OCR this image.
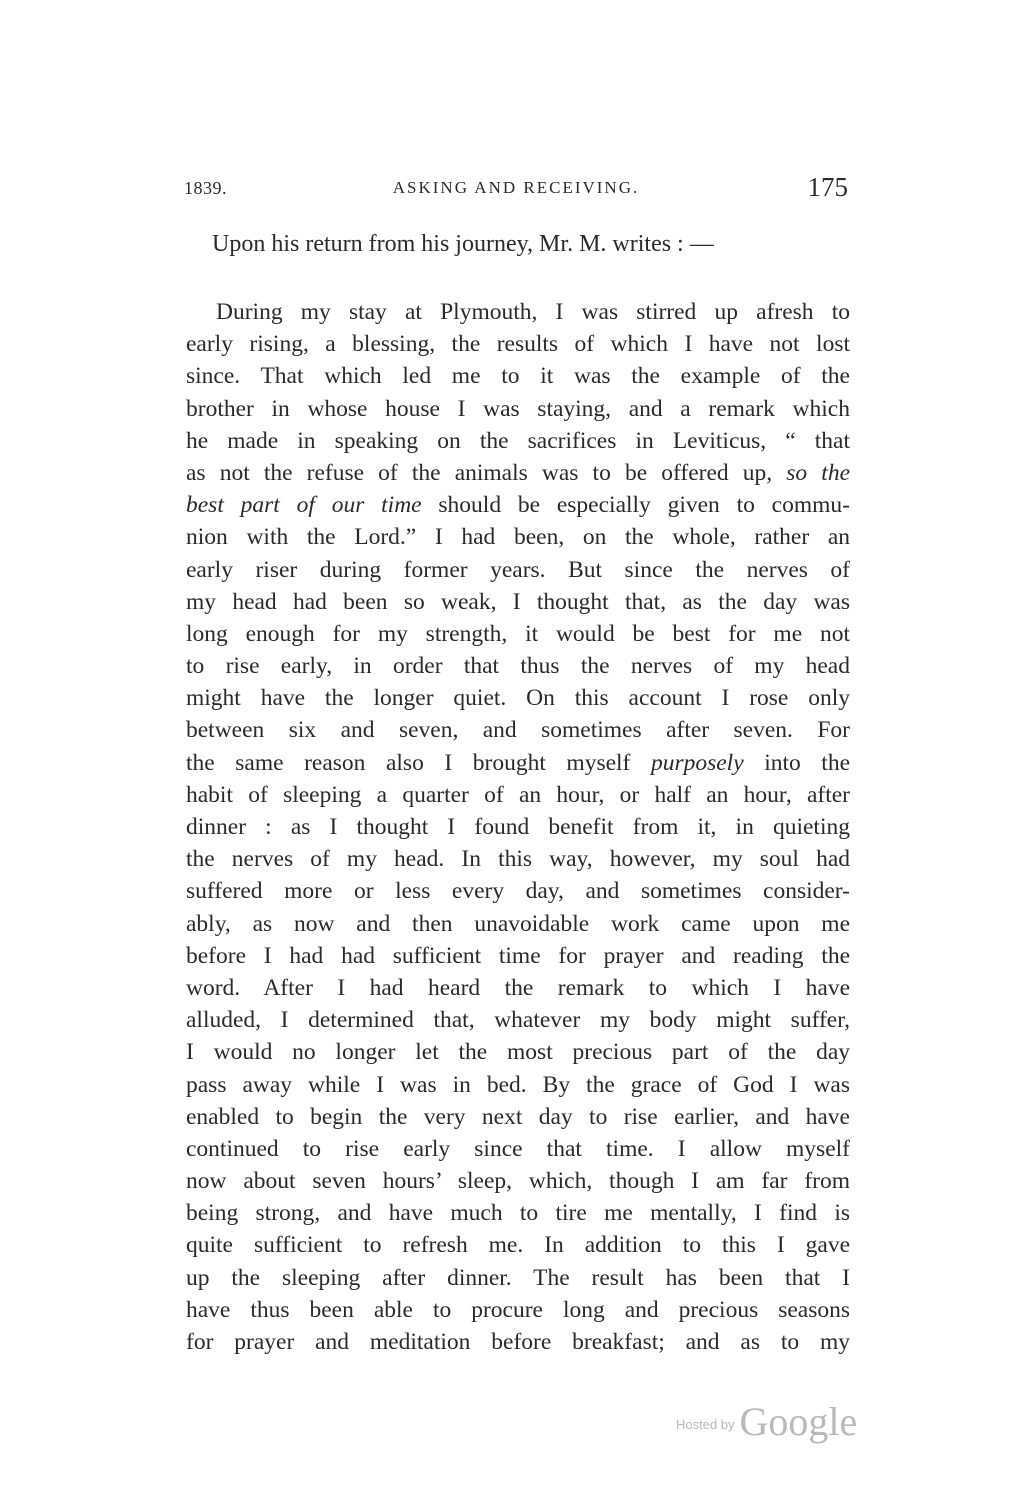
1839.	ASKING AND RECEIVING.	175
Upon his return from his journey, Mr. M. writes : —
During my stay at Plymouth, I was stirred up afresh to
early rising, a blessing, the results of which I have not lost
since. That which led me to it was the example of the
brother in whose house I was staying, and a remark which
he made in speaking on the sacrifices in Leviticus, “ that
as not the refuse of the animals was to be offered up, so the
best part of our time should be especially given to commu-
nion with the Lord.” I had been, on the whole, rather an
early riser during former years. But since the nerves of
my head had been so weak, I thought that, as the day was
long enough for my strength, it would be best for me not
to rise early, in order that thus the nerves of my head
might have the longer quiet. On this account I rose only
between six and seven, and sometimes after seven. For
the same reason also I brought myself purposely into the
habit of sleeping a quarter of an hour, or half an hour, after
dinner : as I thought I found benefit from it, in quieting
the nerves of my head. In this way, however, my soul had
suffered more or less every day, and sometimes consider-
ably, as now and then unavoidable work came upon me
before I had had sufficient time for prayer and reading the
word. After I had heard the remark to which I have
alluded, I determined that, whatever my body might suffer,
I would no longer let the most precious part of the day
pass away while I was in bed. By the grace of God I was
enabled to begin the very next day to rise earlier, and have
continued to rise early since that time. I allow myself
now about seven hours’ sleep, which, though I am far from
being strong, and have much to tire me mentally, I find is
quite sufficient to refresh me. In addition to this I gave
up the sleeping after dinner. The result has been that I
have thus been able to procure long and precious seasons
for prayer and meditation before breakfast; and as to my
Hosted by Google
